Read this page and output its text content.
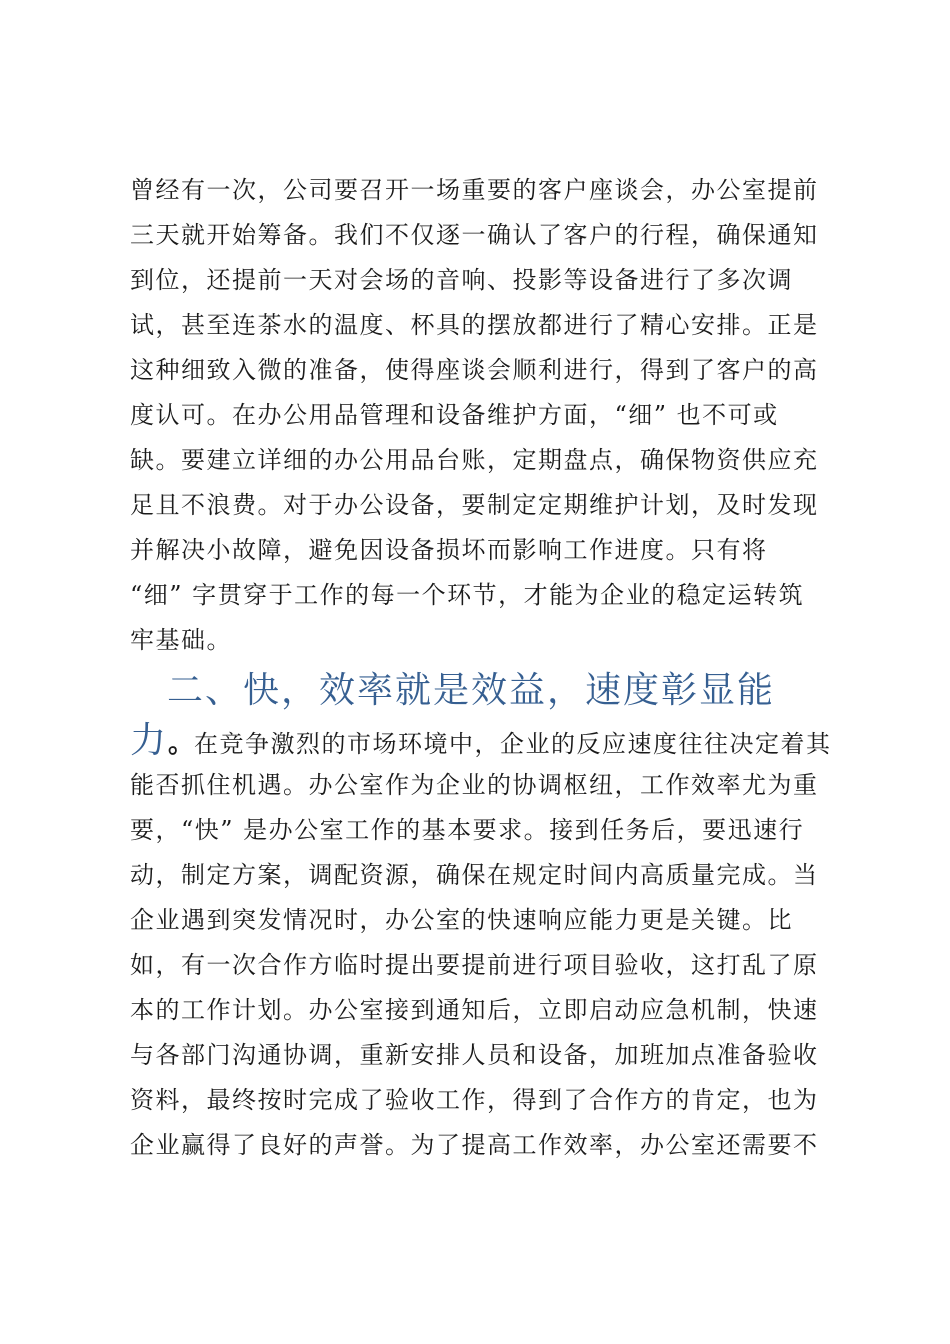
曾经有一次，公司要召开一场重要的客户座谈会，办公室提前
三天就开始筹备。我们不仅逐一确认了客户的行程，确保通知
到位，还提前一天对会场的音响、投影等设备进行了多次调
试，甚至连茶水的温度、杯具的摆放都进行了精心安排。正是
这种细致入微的准备，使得座谈会顺利进行，得到了客户的高
度认可。在办公用品管理和设备维护方面，“细” 也不可或
缺。要建立详细的办公用品台账，定期盘点，确保物资供应充
足且不浪费。对于办公设备，要制定定期维护计划，及时发现
并解决小故障，避免因设备损坏而影响工作进度。只有将
“细” 字贯穿于工作的每一个环节，才能为企业的稳定运转筑
牢基础。
二、快，效率就是效益，速度彰显能
力。在竞争激烈的市场环境中，企业的反应速度往往决定着其
能否抓住机遇。办公室作为企业的协调枢纽，工作效率尤为重
要，“快” 是办公室工作的基本要求。接到任务后，要迅速行
动，制定方案，调配资源，确保在规定时间内高质量完成。当
企业遇到突发情况时，办公室的快速响应能力更是关键。比
如，有一次合作方临时提出要提前进行项目验收，这打乱了原
本的工作计划。办公室接到通知后，立即启动应急机制，快速
与各部门沟通协调，重新安排人员和设备，加班加点准备验收
资料，最终按时完成了验收工作，得到了合作方的肯定，也为
企业赢得了良好的声誉。为了提高工作效率，办公室还需要不
